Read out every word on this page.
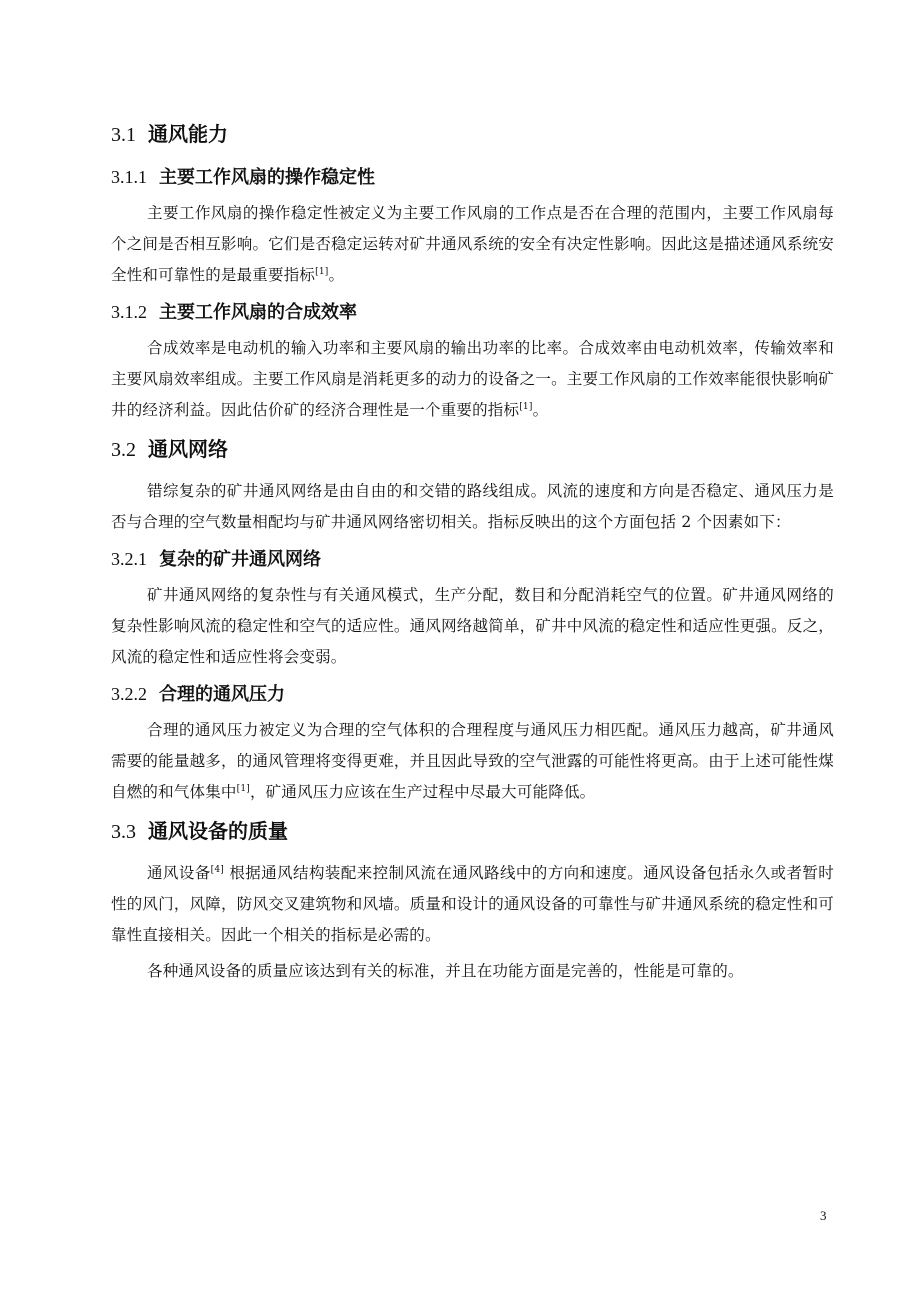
3.1 通风能力
3.1.1 主要工作风扇的操作稳定性

主要工作风扇的操作稳定性被定义为主要工作风扇的工作点是否在合理的范围内，主要工作风扇每个之间是否相互影响。它们是否稳定运转对矿井通风系统的安全有决定性影响。因此这是描述通风系统安全性和可靠性的是最重要指标[1]。

3.1.2 主要工作风扇的合成效率

合成效率是电动机的输入功率和主要风扇的输出功率的比率。合成效率由电动机效率，传输效率和主要风扇效率组成。主要工作风扇是消耗更多的动力的设备之一。主要工作风扇的工作效率能很快影响矿井的经济利益。因此估价矿的经济合理性是一个重要的指标[1]。

3.2 通风网络

错综复杂的矿井通风网络是由自由的和交错的路线组成。风流的速度和方向是否稳定、通风压力是否与合理的空气数量相配均与矿井通风网络密切相关。指标反映出的这个方面包括 2 个因素如下：

3.2.1 复杂的矿井通风网络

矿井通风网络的复杂性与有关通风模式，生产分配，数目和分配消耗空气的位置。矿井通风网络的复杂性影响风流的稳定性和空气的适应性。通风网络越简单，矿井中风流的稳定性和适应性更强。反之，风流的稳定性和适应性将会变弱。

3.2.2 合理的通风压力

合理的通风压力被定义为合理的空气体积的合理程度与通风压力相匹配。通风压力越高，矿井通风需要的能量越多，的通风管理将变得更难，并且因此导致的空气泄露的可能性将更高。由于上述可能性煤自燃的和气体集中[1]，矿通风压力应该在生产过程中尽最大可能降低。

3.3 通风设备的质量

通风设备[4] 根据通风结构装配来控制风流在通风路线中的方向和速度。通风设备包括永久或者暂时性的风门，风障，防风交叉建筑物和风墙。质量和设计的通风设备的可靠性与矿井通风系统的稳定性和可靠性直接相关。因此一个相关的指标是必需的。

各种通风设备的质量应该达到有关的标准，并且在功能方面是完善的，性能是可靠的。

3
